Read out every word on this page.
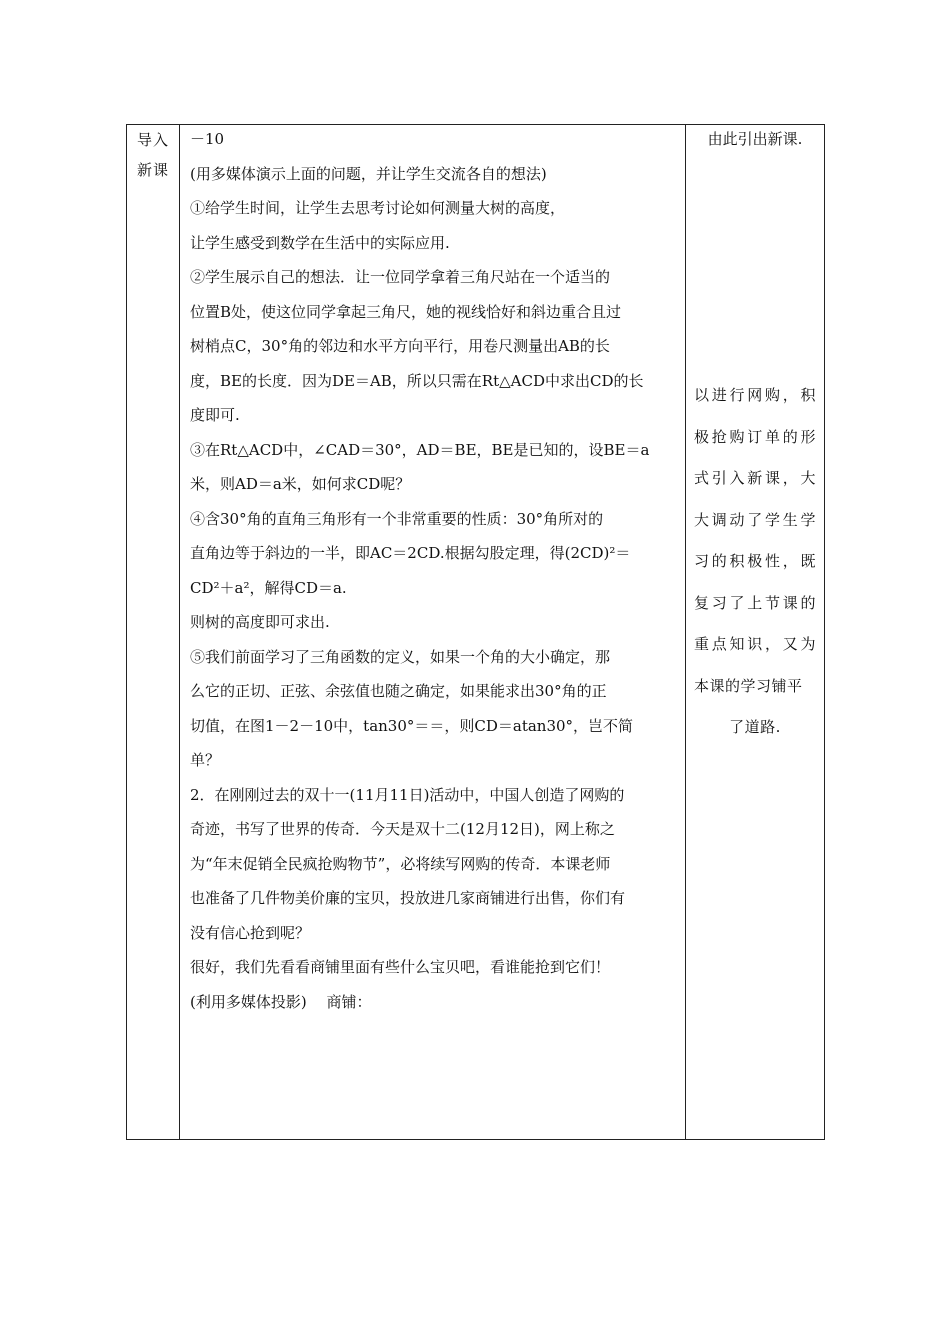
导入
新课

－10
(用多媒体演示上面的问题，并让学生交流各自的想法)
①给学生时间，让学生去思考讨论如何测量大树的高度，
让学生感受到数学在生活中的实际应用.
②学生展示自己的想法．让一位同学拿着三角尺站在一个适当的
位置B处，使这位同学拿起三角尺，她的视线恰好和斜边重合且过
树梢点C，30°角的邻边和水平方向平行，用卷尺测量出AB的长
度，BE的长度．因为DE＝AB，所以只需在Rt△ACD中求出CD的长
度即可.
③在Rt△ACD中，∠CAD＝30°，AD＝BE，BE是已知的，设BE＝a
米，则AD＝a米，如何求CD呢？
④含30°角的直角三角形有一个非常重要的性质：30°角所对的
直角边等于斜边的一半，即AC＝2CD.根据勾股定理，得(2CD)²＝
CD²＋a²，解得CD＝a.
则树的高度即可求出.
⑤我们前面学习了三角函数的定义，如果一个角的大小确定，那
么它的正切、正弦、余弦值也随之确定，如果能求出30°角的正
切值，在图1－2－10中，tan30°＝＝，则CD＝atan30°，岂不简
单？
2．在刚刚过去的双十一(11月11日)活动中，中国人创造了网购的
奇迹，书写了世界的传奇．今天是双十二(12月12日)，网上称之
为“年末促销全民疯抢购物节”，必将续写网购的传奇．本课老师
也准备了几件物美价廉的宝贝，投放进几家商铺进行出售，你们有
没有信心抢到呢？
很好，我们先看看商铺里面有些什么宝贝吧，看谁能抢到它们！
(利用多媒体投影)　 商铺：

由此引出新课.
以进行网购，积极抢购订单的形式引入新课，大大调动了学生学习的积极性，既复习了上节课的重点知识，又为本课的学习铺平
了道路.
